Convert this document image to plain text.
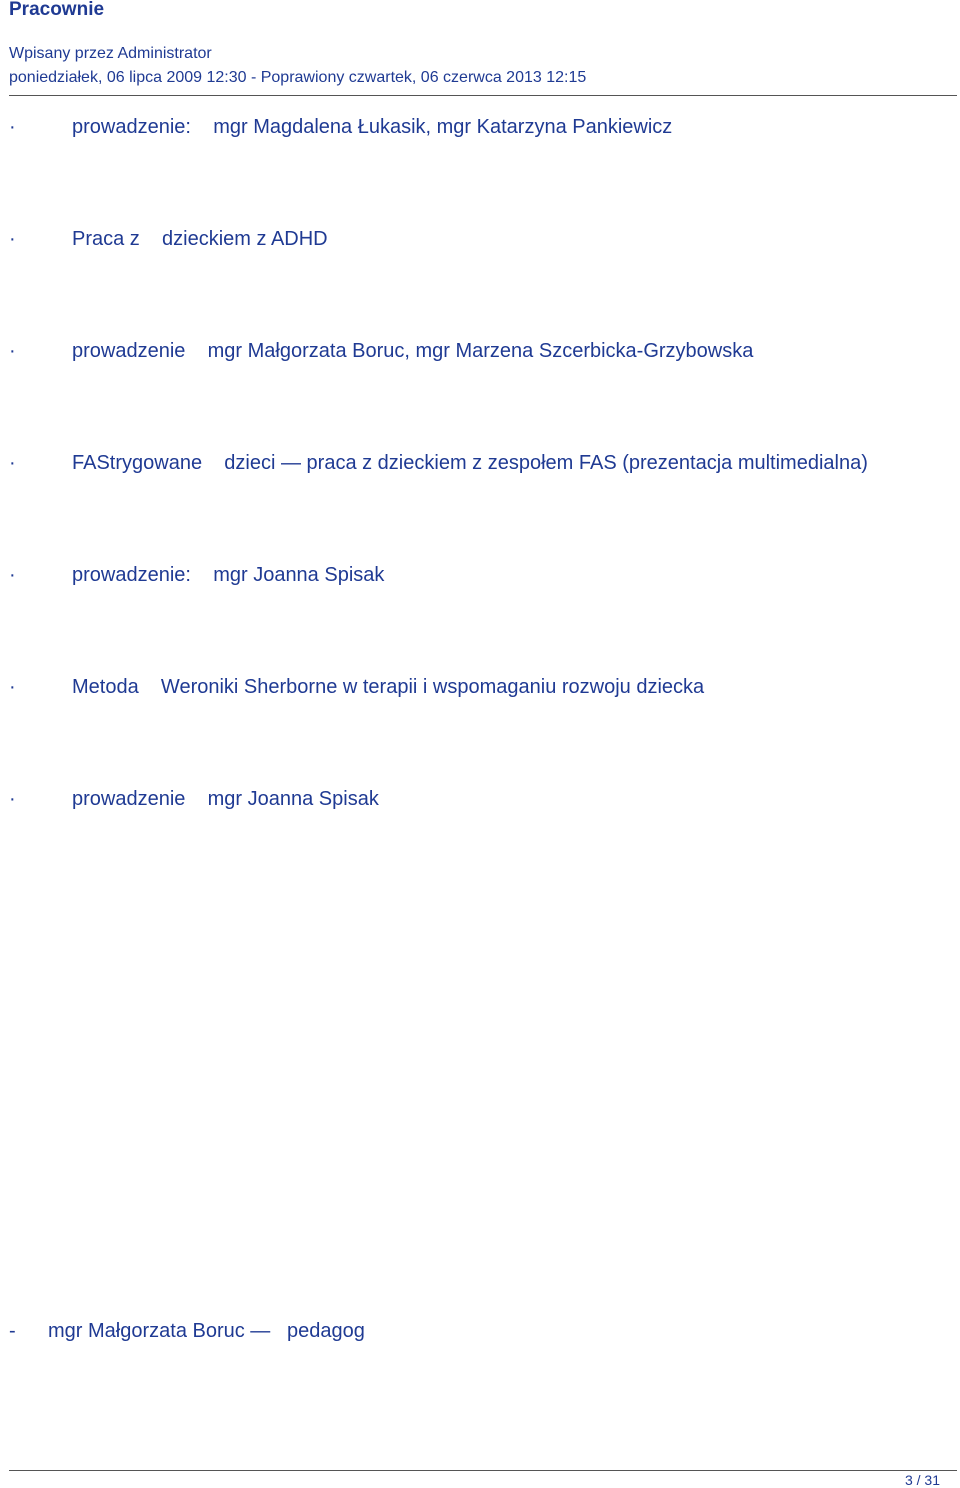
Pracownie
Wpisany przez Administrator
poniedziałek, 06 lipca 2009 12:30 - Poprawiony czwartek, 06 czerwca 2013 12:15
·	prowadzenie:    mgr Magdalena Łukasik, mgr Katarzyna Pankiewicz
·	Praca z    dzieckiem z ADHD
·	prowadzenie    mgr Małgorzata Boruc, mgr Marzena Szcerbicka-Grzybowska
·	FAStrygowane    dzieci — praca z dzieckiem z zespołem FAS (prezentacja multimedialna)
·	prowadzenie:    mgr Joanna Spisak
·	Metoda    Weroniki Sherborne w terapii i wspomaganiu rozwoju dziecka
·	prowadzenie    mgr Joanna Spisak
- mgr Małgorzata Boruc —   pedagog
3 / 31
